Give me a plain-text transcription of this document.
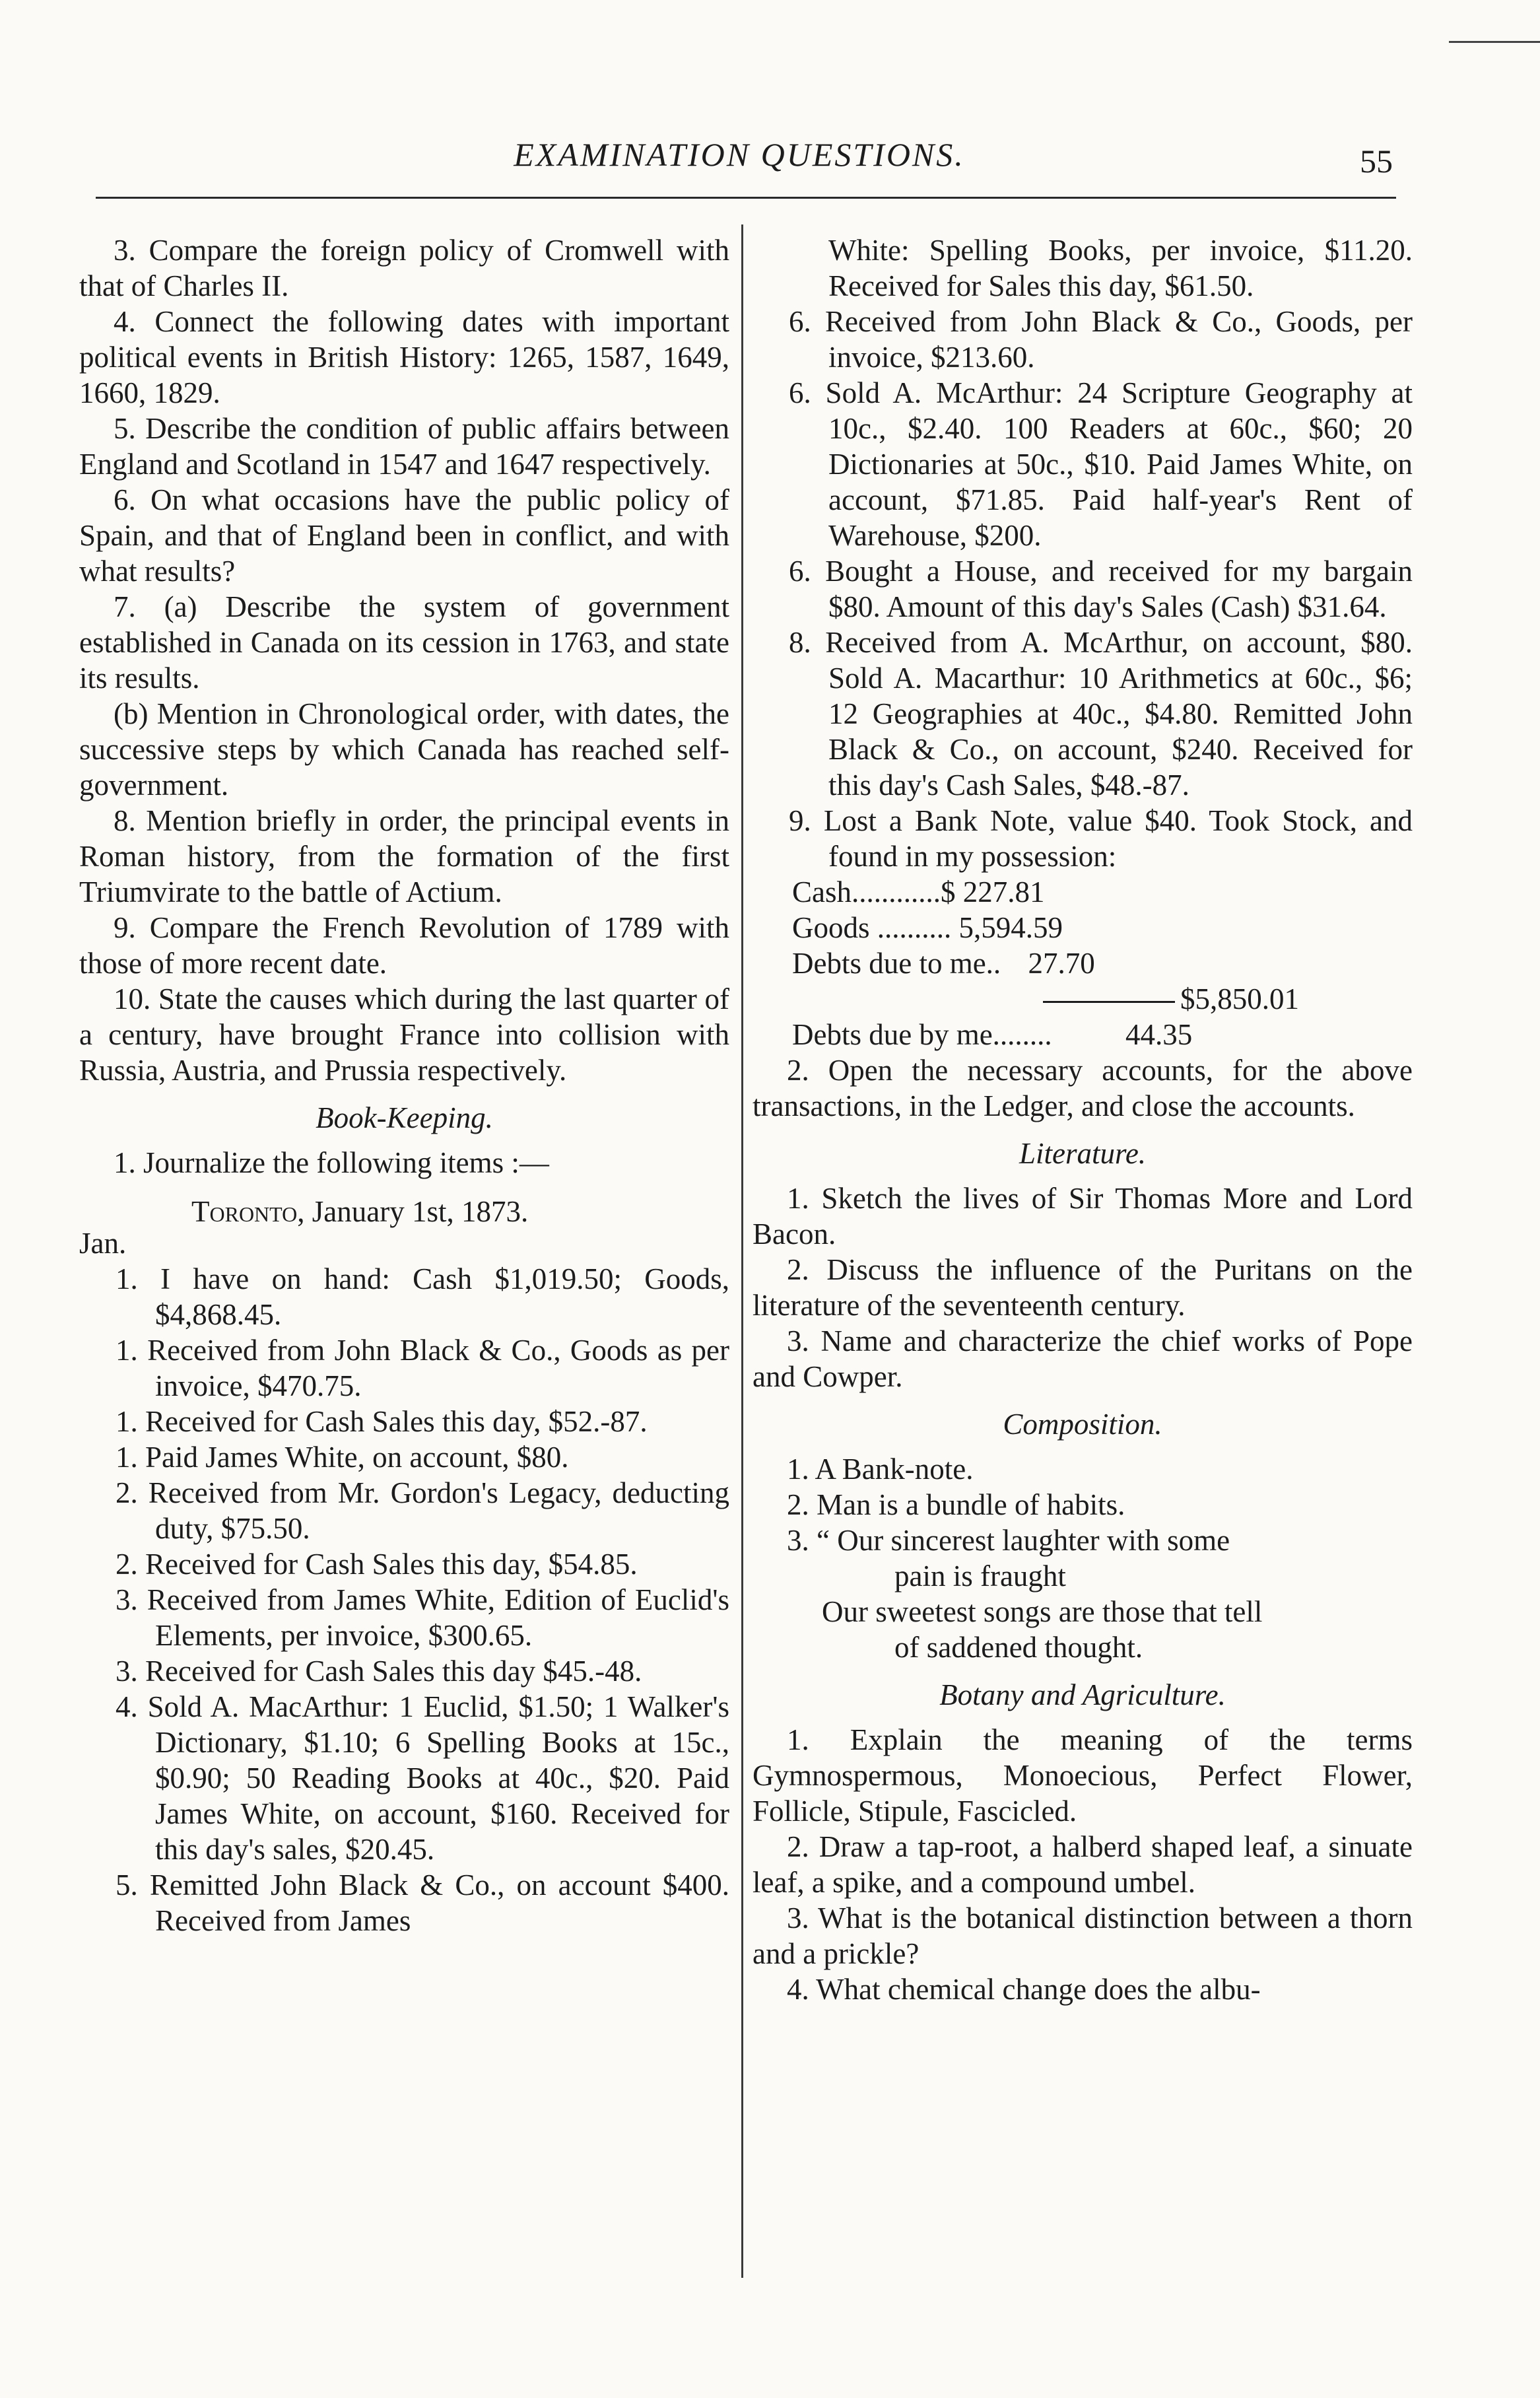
EXAMINATION QUESTIONS.	55

3. Compare the foreign policy of Cromwell with that of Charles II.

4. Connect the following dates with important political events in British History: 1265, 1587, 1649, 1660, 1829.

5. Describe the condition of public affairs between England and Scotland in 1547 and 1647 respectively.

6. On what occasions have the public policy of Spain, and that of England been in conflict, and with what results?

7. (a) Describe the system of government established in Canada on its cession in 1763, and state its results.

(b) Mention in Chronological order, with dates, the successive steps by which Canada has reached self-government.

8. Mention briefly in order, the principal events in Roman history, from the formation of the first Triumvirate to the battle of Actium.

9. Compare the French Revolution of 1789 with those of more recent date.

10. State the causes which during the last quarter of a century, have brought France into collision with Russia, Austria, and Prussia respectively.

Book-Keeping.

1. Journalize the following items :—

Toronto, January 1st, 1873.

Jan.

1. I have on hand: Cash $1,019.50; Goods, $4,868.45.

1. Received from John Black & Co., Goods as per invoice, $470.75.

1. Received for Cash Sales this day, $52.-87.

1. Paid James White, on account, $80.

2. Received from Mr. Gordon's Legacy, deducting duty, $75.50.

2. Received for Cash Sales this day, $54.85.

3. Received from James White, Edition of Euclid's Elements, per invoice, $300.65.

3. Received for Cash Sales this day $45.-48.

4. Sold A. MacArthur: 1 Euclid, $1.50; 1 Walker's Dictionary, $1.10; 6 Spelling Books at 15c., $0.90; 50 Reading Books at 40c., $20. Paid James White, on account, $160. Received for this day's sales, $20.45.

5. Remitted John Black & Co., on account $400. Received from James

White: Spelling Books, per invoice, $11.20. Received for Sales this day, $61.50.

6. Received from John Black & Co., Goods, per invoice, $213.60.

6. Sold A. McArthur: 24 Scripture Geography at 10c., $2.40. 100 Readers at 60c., $60; 20 Dictionaries at 50c., $10. Paid James White, on account, $71.85. Paid half-year's Rent of Warehouse, $200.

6. Bought a House, and received for my bargain $80. Amount of this day's Sales (Cash) $31.64.

8. Received from A. McArthur, on account, $80. Sold A. Macarthur: 10 Arithmetics at 60c., $6; 12 Geographies at 40c., $4.80. Remitted John Black & Co., on account, $240. Received for this day's Cash Sales, $48.-87.

9. Lost a Bank Note, value $40. Took Stock, and found in my possession:

Cash............$ 227.81
Goods .......... 5,594.59
Debts due to me.. 27.70
$5,850.01
Debts due by me........ 44.35

2. Open the necessary accounts, for the above transactions, in the Ledger, and close the accounts.

Literature.

1. Sketch the lives of Sir Thomas More and Lord Bacon.

2. Discuss the influence of the Puritans on the literature of the seventeenth century.

3. Name and characterize the chief works of Pope and Cowper.

Composition.

1. A Bank-note.

2. Man is a bundle of habits.

3. “ Our sincerest laughter with some

pain is fraught

Our sweetest songs are those that tell

of saddened thought.

Botany and Agriculture.

1. Explain the meaning of the terms Gymnospermous, Monoecious, Perfect Flower, Follicle, Stipule, Fascicled.

2. Draw a tap-root, a halberd shaped leaf, a sinuate leaf, a spike, and a compound umbel.

3. What is the botanical distinction between a thorn and a prickle?

4. What chemical change does the albu-
